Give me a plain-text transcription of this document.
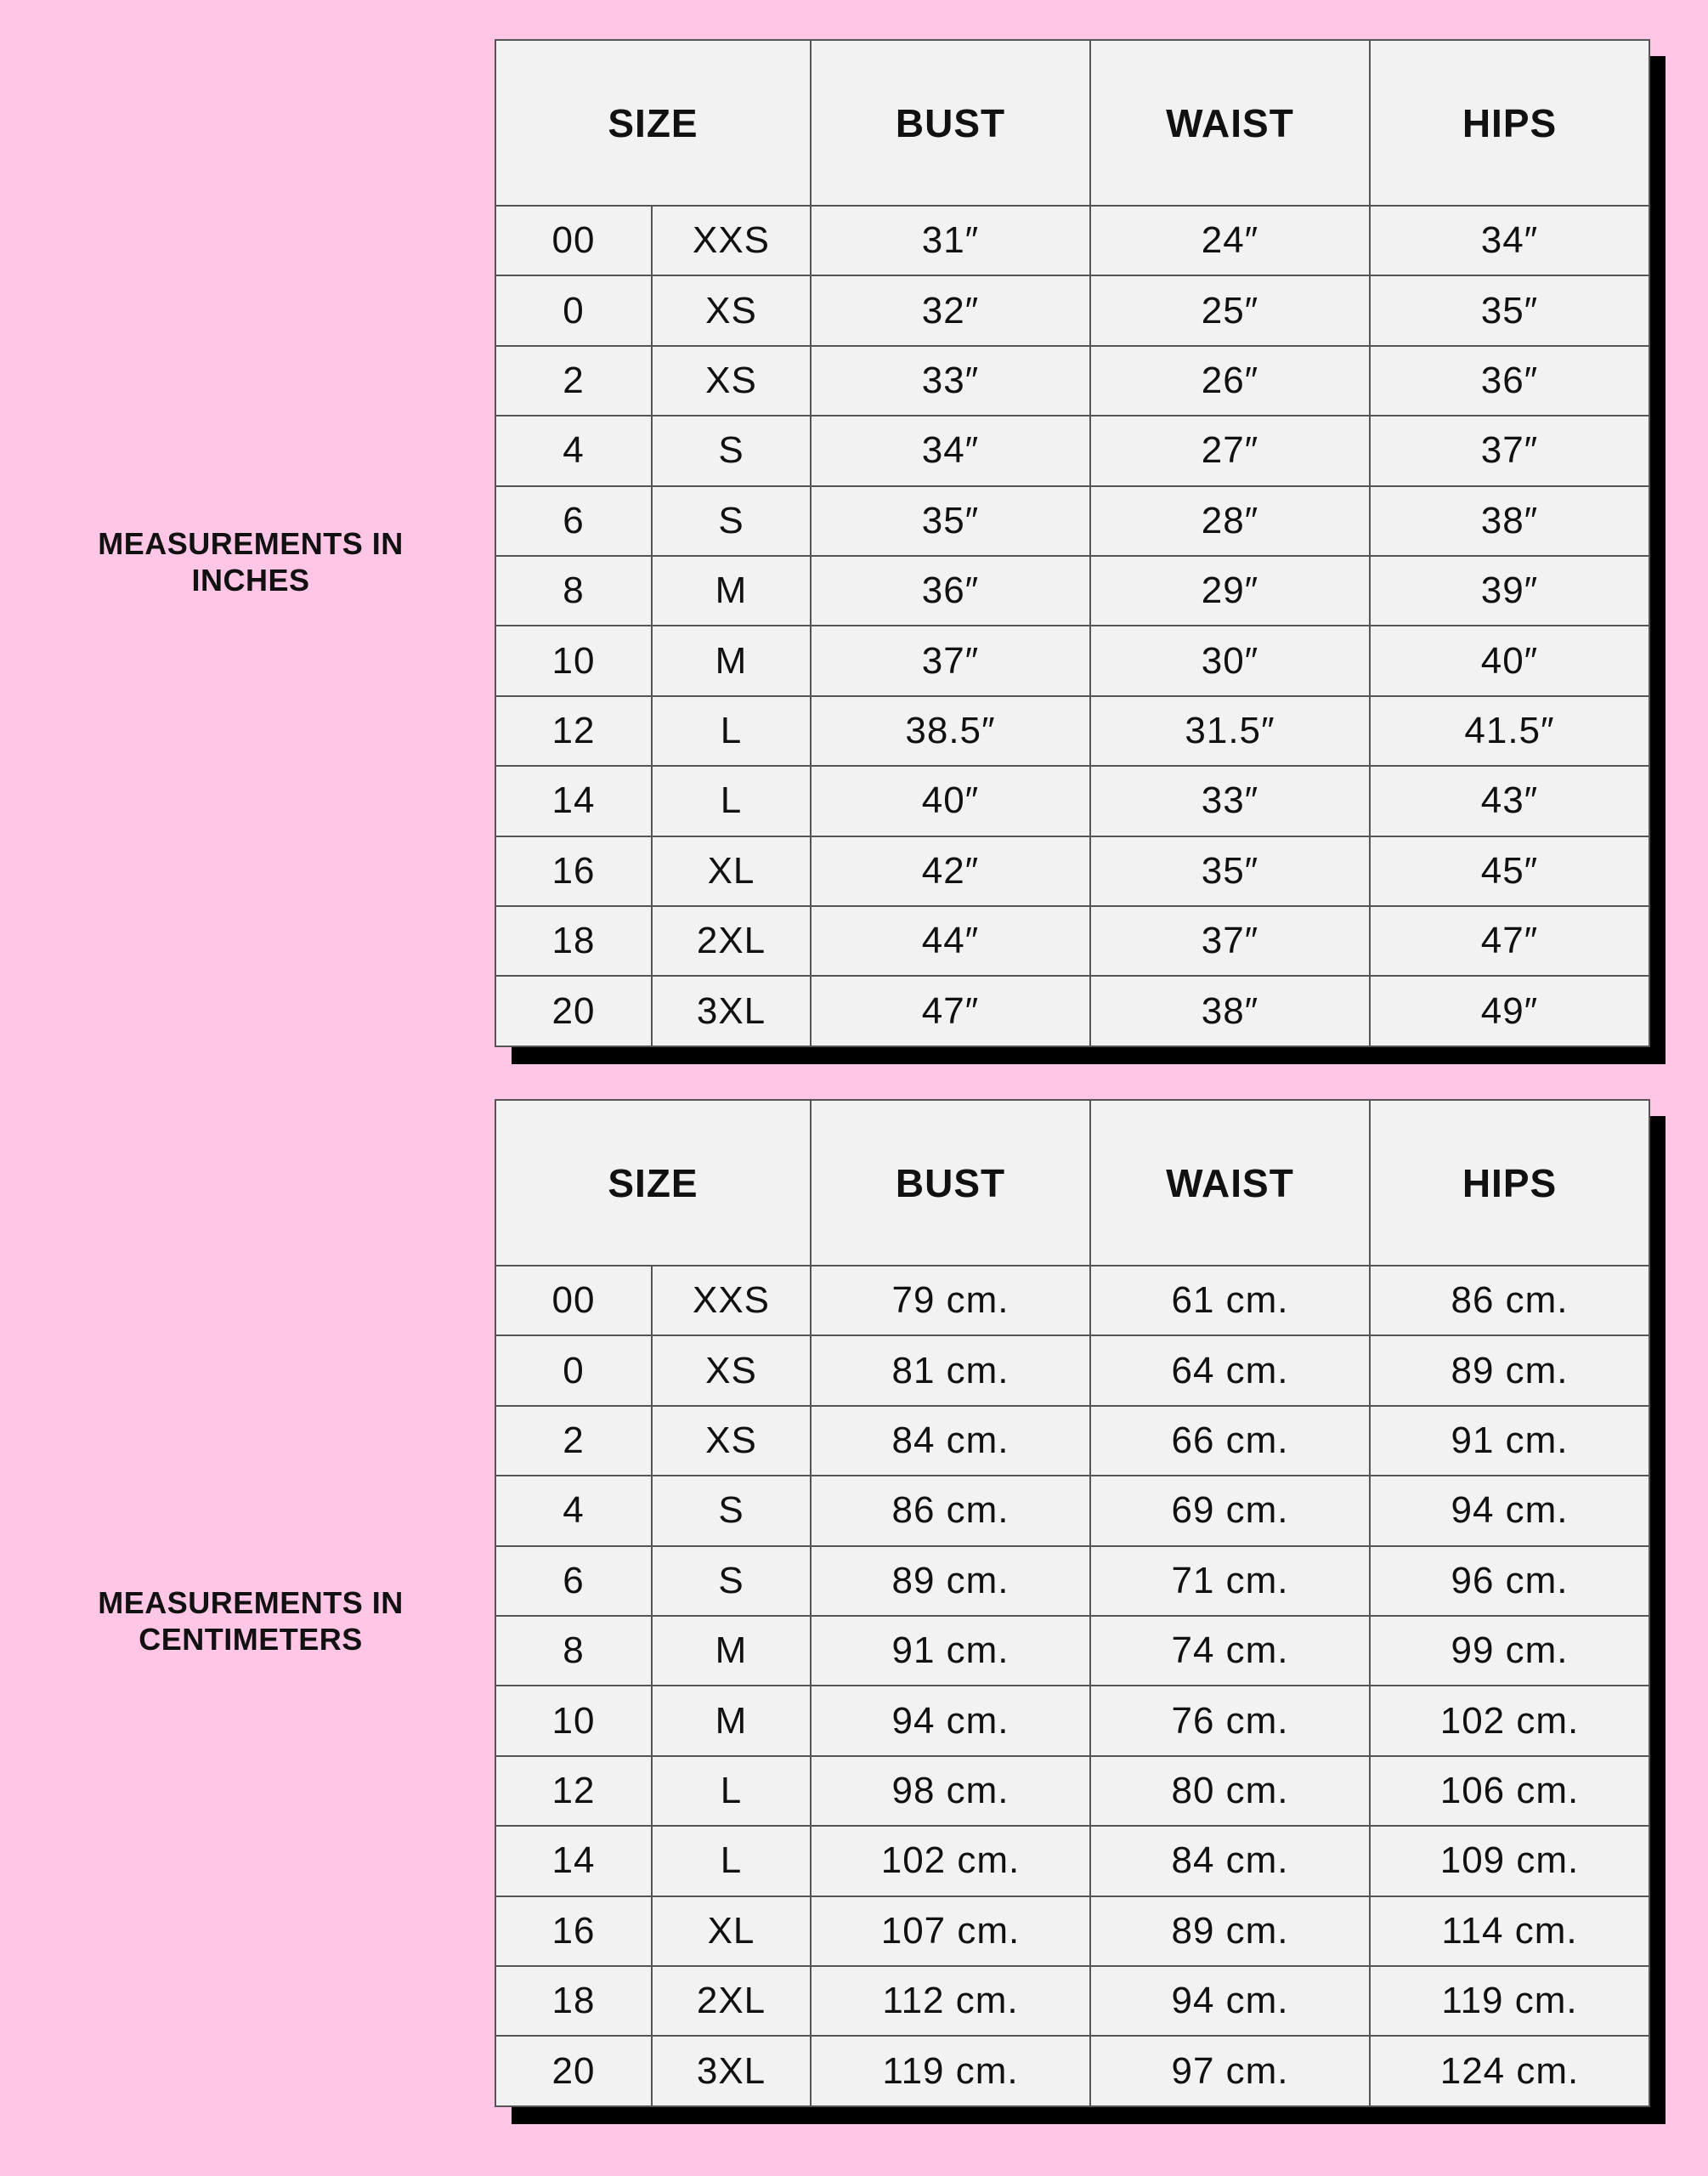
MEASUREMENTS IN
INCHES
SIZE		BUST	WAIST	HIPS
00	XXS	31″	24″	34″
0	XS	32″	25″	35″
2	XS	33″	26″	36″
4	S	34″	27″	37″
6	S	35″	28″	38″
8	M	36″	29″	39″
10	M	37″	30″	40″
12	L	38.5″	31.5″	41.5″
14	L	40″	33″	43″
16	XL	42″	35″	45″
18	2XL	44″	37″	47″
20	3XL	47″	38″	49″
MEASUREMENTS IN
CENTIMETERS
SIZE		BUST	WAIST	HIPS
00	XXS	79 cm.	61 cm.	86 cm.
0	XS	81 cm.	64 cm.	89 cm.
2	XS	84 cm.	66 cm.	91 cm.
4	S	86 cm.	69 cm.	94 cm.
6	S	89 cm.	71 cm.	96 cm.
8	M	91 cm.	74 cm.	99 cm.
10	M	94 cm.	76 cm.	102 cm.
12	L	98 cm.	80 cm.	106 cm.
14	L	102 cm.	84 cm.	109 cm.
16	XL	107 cm.	89 cm.	114 cm.
18	2XL	112 cm.	94 cm.	119 cm.
20	3XL	119 cm.	97 cm.	124 cm.
